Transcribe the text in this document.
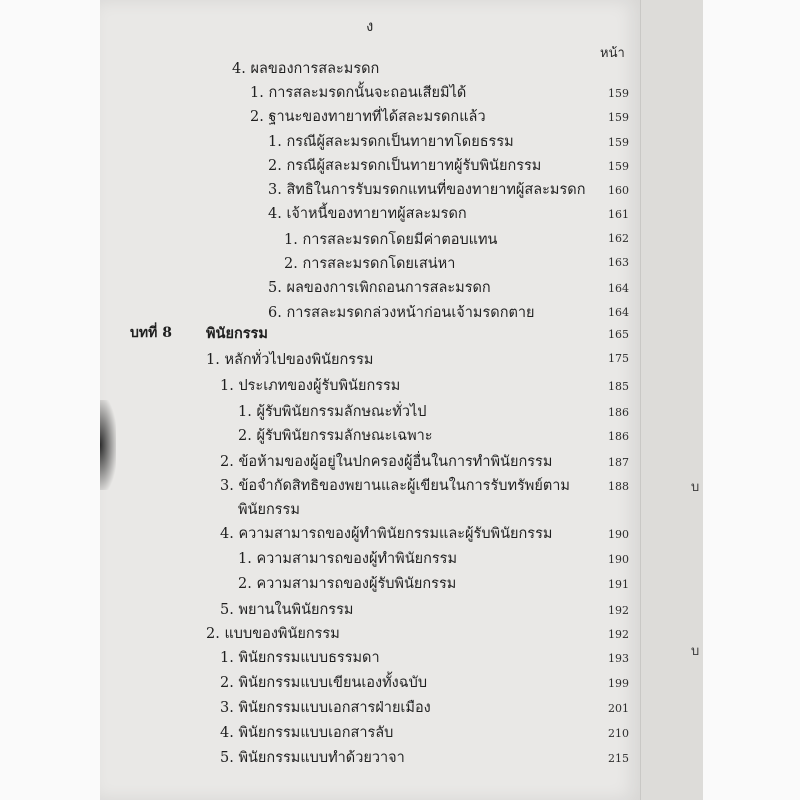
บ
บ
ง
หน้า
บทที่ 8 พินัยกรรม
4. ผลของการสละมรดก
1. การสละมรดกนั้นจะถอนเสียมิได้
2. ฐานะของทายาทที่ได้สละมรดกแล้ว
1. กรณีผู้สละมรดกเป็นทายาทโดยธรรม
2. กรณีผู้สละมรดกเป็นทายาทผู้รับพินัยกรรม
3. สิทธิในการรับมรดกแทนที่ของทายาทผู้สละมรดก
4. เจ้าหนี้ของทายาทผู้สละมรดก
1. การสละมรดกโดยมีค่าตอบแทน
2. การสละมรดกโดยเสน่หา
5. ผลของการเพิกถอนการสละมรดก
6. การสละมรดกล่วงหน้าก่อนเจ้ามรดกตาย
1. หลักทั่วไปของพินัยกรรม
1. ประเภทของผู้รับพินัยกรรม
1. ผู้รับพินัยกรรมลักษณะทั่วไป
2. ผู้รับพินัยกรรมลักษณะเฉพาะ
2. ข้อห้ามของผู้อยู่ในปกครองผู้อื่นในการทำพินัยกรรม
3. ข้อจำกัดสิทธิของพยานและผู้เขียนในการรับทรัพย์ตาม
พินัยกรรม
4. ความสามารถของผู้ทำพินัยกรรมและผู้รับพินัยกรรม
1. ความสามารถของผู้ทำพินัยกรรม
2. ความสามารถของผู้รับพินัยกรรม
5. พยานในพินัยกรรม
2. แบบของพินัยกรรม
1. พินัยกรรมแบบธรรมดา
2. พินัยกรรมแบบเขียนเองทั้งฉบับ
3. พินัยกรรมแบบเอกสารฝ่ายเมือง
4. พินัยกรรมแบบเอกสารลับ
5. พินัยกรรมแบบทำด้วยวาจา
159
159
159
159
160
161
162
163
164
164
165
175
185
186
186
187
188
190
190
191
192
192
193
199
201
210
215
